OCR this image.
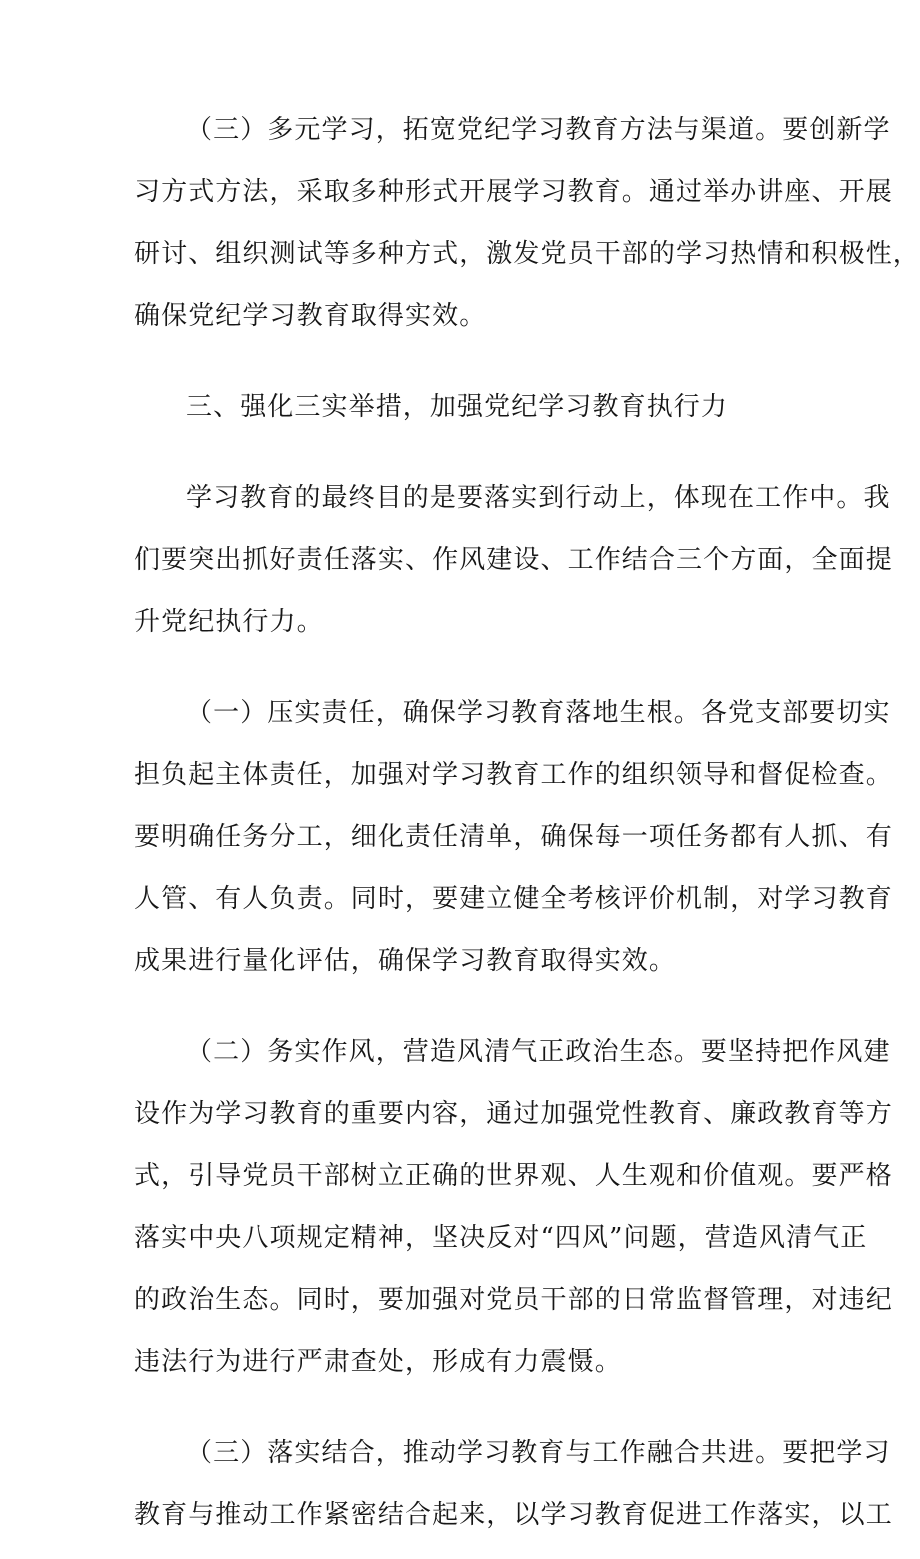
（三）多元学习，拓宽党纪学习教育方法与渠道。要创新学

习方式方法，采取多种形式开展学习教育。通过举办讲座、开展

研讨、组织测试等多种方式，激发党员干部的学习热情和积极性，

确保党纪学习教育取得实效。

三、强化三实举措，加强党纪学习教育执行力

学习教育的最终目的是要落实到行动上，体现在工作中。我

们要突出抓好责任落实、作风建设、工作结合三个方面，全面提

升党纪执行力。

（一）压实责任，确保学习教育落地生根。各党支部要切实

担负起主体责任，加强对学习教育工作的组织领导和督促检查。

要明确任务分工，细化责任清单，确保每一项任务都有人抓、有

人管、有人负责。同时，要建立健全考核评价机制，对学习教育

成果进行量化评估，确保学习教育取得实效。

（二）务实作风，营造风清气正政治生态。要坚持把作风建

设作为学习教育的重要内容，通过加强党性教育、廉政教育等方

式，引导党员干部树立正确的世界观、人生观和价值观。要严格

落实中央八项规定精神，坚决反对“四风”问题，营造风清气正

的政治生态。同时，要加强对党员干部的日常监督管理，对违纪

违法行为进行严肃查处，形成有力震慑。

（三）落实结合，推动学习教育与工作融合共进。要把学习

教育与推动工作紧密结合起来，以学习教育促进工作落实，以工
